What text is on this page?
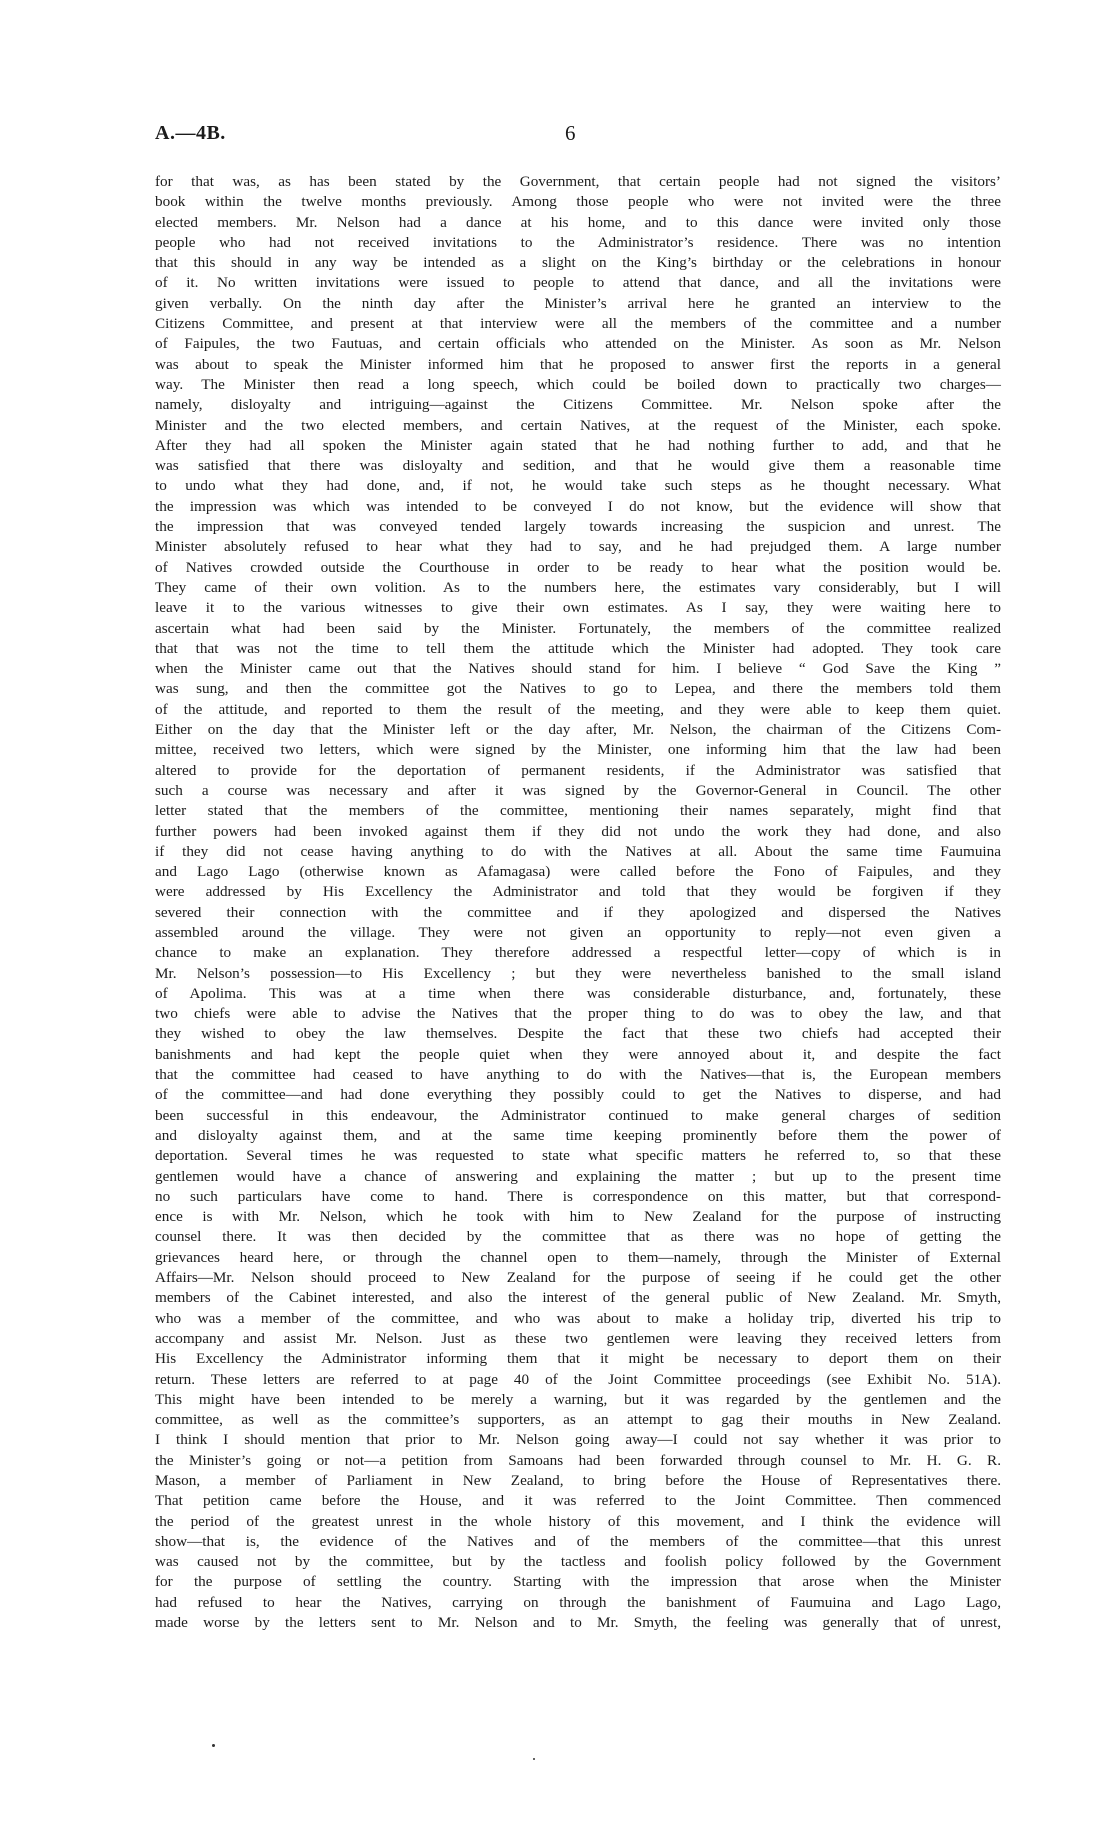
A.—4B.	6
for that was, as has been stated by the Government, that certain people had not signed the visitors’
book within the twelve months previously. Among those people who were not invited were the three
elected members. Mr. Nelson had a dance at his home, and to this dance were invited only those
people who had not received invitations to the Administrator’s residence. There was no intention
that this should in any way be intended as a slight on the King’s birthday or the celebrations in honour
of it. No written invitations were issued to people to attend that dance, and all the invitations were
given verbally. On the ninth day after the Minister’s arrival here he granted an interview to the
Citizens Committee, and present at that interview were all the members of the committee and a number
of Faipules, the two Fautuas, and certain officials who attended on the Minister. As soon as Mr. Nelson
was about to speak the Minister informed him that he proposed to answer first the reports in a general
way. The Minister then read a long speech, which could be boiled down to practically two charges—
namely, disloyalty and intriguing—against the Citizens Committee. Mr. Nelson spoke after the
Minister and the two elected members, and certain Natives, at the request of the Minister, each spoke.
After they had all spoken the Minister again stated that he had nothing further to add, and that he
was satisfied that there was disloyalty and sedition, and that he would give them a reasonable time
to undo what they had done, and, if not, he would take such steps as he thought necessary. What
the impression was which was intended to be conveyed I do not know, but the evidence will show that
the impression that was conveyed tended largely towards increasing the suspicion and unrest. The
Minister absolutely refused to hear what they had to say, and he had prejudged them. A large number
of Natives crowded outside the Courthouse in order to be ready to hear what the position would be.
They came of their own volition. As to the numbers here, the estimates vary considerably, but I will
leave it to the various witnesses to give their own estimates. As I say, they were waiting here to
ascertain what had been said by the Minister. Fortunately, the members of the committee realized
that that was not the time to tell them the attitude which the Minister had adopted. They took care
when the Minister came out that the Natives should stand for him. I believe “ God Save the King ”
was sung, and then the committee got the Natives to go to Lepea, and there the members told them
of the attitude, and reported to them the result of the meeting, and they were able to keep them quiet.
Either on the day that the Minister left or the day after, Mr. Nelson, the chairman of the Citizens Com-
mittee, received two letters, which were signed by the Minister, one informing him that the law had been
altered to provide for the deportation of permanent residents, if the Administrator was satisfied that
such a course was necessary and after it was signed by the Governor-General in Council. The other
letter stated that the members of the committee, mentioning their names separately, might find that
further powers had been invoked against them if they did not undo the work they had done, and also
if they did not cease having anything to do with the Natives at all. About the same time Faumuina
and Lago Lago (otherwise known as Afamagasa) were called before the Fono of Faipules, and they
were addressed by His Excellency the Administrator and told that they would be forgiven if they
severed their connection with the committee and if they apologized and dispersed the Natives
assembled around the village. They were not given an opportunity to reply—not even given a
chance to make an explanation. They therefore addressed a respectful letter—copy of which is in
Mr. Nelson’s possession—to His Excellency ; but they were nevertheless banished to the small island
of Apolima. This was at a time when there was considerable disturbance, and, fortunately, these
two chiefs were able to advise the Natives that the proper thing to do was to obey the law, and that
they wished to obey the law themselves. Despite the fact that these two chiefs had accepted their
banishments and had kept the people quiet when they were annoyed about it, and despite the fact
that the committee had ceased to have anything to do with the Natives—that is, the European members
of the committee—and had done everything they possibly could to get the Natives to disperse, and had
been successful in this endeavour, the Administrator continued to make general charges of sedition
and disloyalty against them, and at the same time keeping prominently before them the power of
deportation. Several times he was requested to state what specific matters he referred to, so that these
gentlemen would have a chance of answering and explaining the matter ; but up to the present time
no such particulars have come to hand. There is correspondence on this matter, but that correspond-
ence is with Mr. Nelson, which he took with him to New Zealand for the purpose of instructing
counsel there. It was then decided by the committee that as there was no hope of getting the
grievances heard here, or through the channel open to them—namely, through the Minister of External
Affairs—Mr. Nelson should proceed to New Zealand for the purpose of seeing if he could get the other
members of the Cabinet interested, and also the interest of the general public of New Zealand. Mr. Smyth,
who was a member of the committee, and who was about to make a holiday trip, diverted his trip to
accompany and assist Mr. Nelson. Just as these two gentlemen were leaving they received letters from
His Excellency the Administrator informing them that it might be necessary to deport them on their
return. These letters are referred to at page 40 of the Joint Committee proceedings (see Exhibit No. 51A).
This might have been intended to be merely a warning, but it was regarded by the gentlemen and the
committee, as well as the committee’s supporters, as an attempt to gag their mouths in New Zealand.
I think I should mention that prior to Mr. Nelson going away—I could not say whether it was prior to
the Minister’s going or not—a petition from Samoans had been forwarded through counsel to Mr. H. G. R.
Mason, a member of Parliament in New Zealand, to bring before the House of Representatives there.
That petition came before the House, and it was referred to the Joint Committee. Then commenced
the period of the greatest unrest in the whole history of this movement, and I think the evidence will
show—that is, the evidence of the Natives and of the members of the committee—that this unrest
was caused not by the committee, but by the tactless and foolish policy followed by the Government
for the purpose of settling the country. Starting with the impression that arose when the Minister
had refused to hear the Natives, carrying on through the banishment of Faumuina and Lago Lago,
made worse by the letters sent to Mr. Nelson and to Mr. Smyth, the feeling was generally that of unrest,
